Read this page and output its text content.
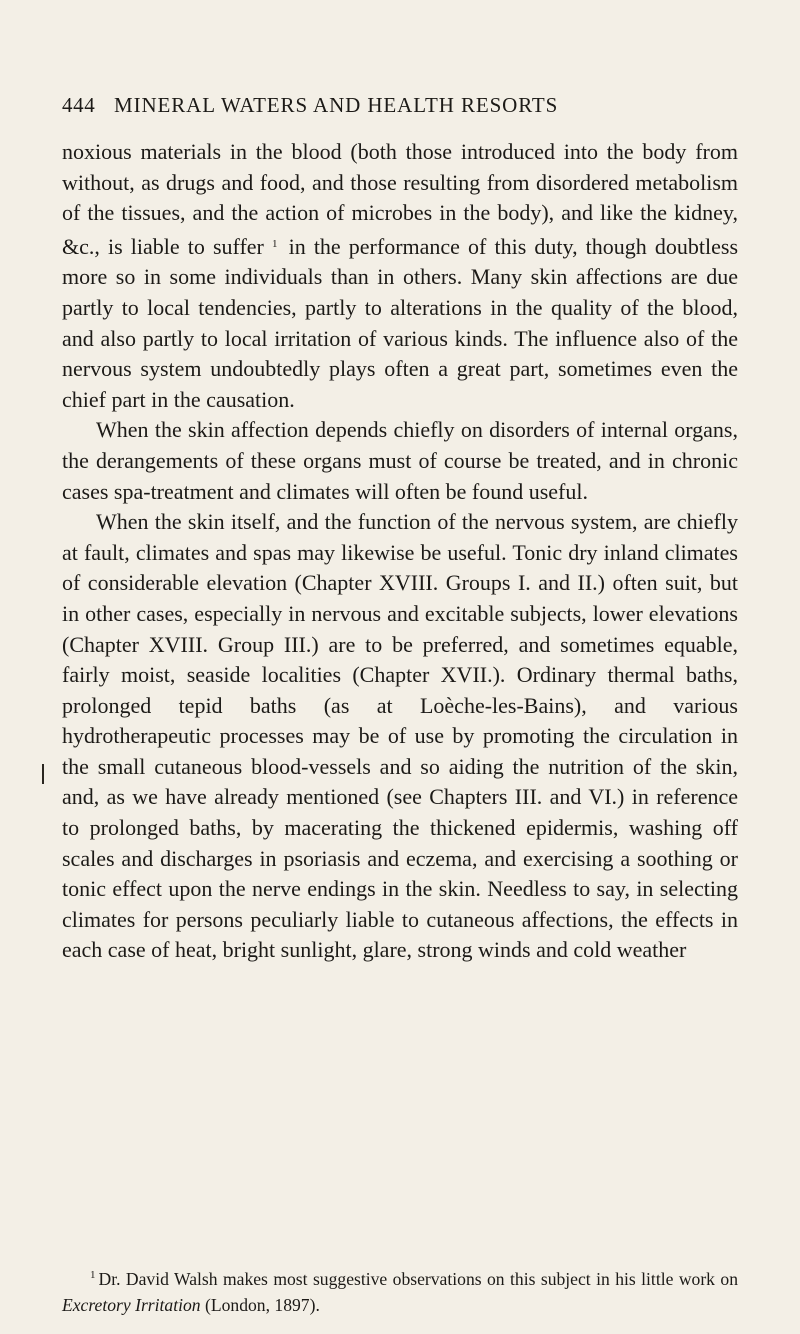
444 MINERAL WATERS AND HEALTH RESORTS

noxious materials in the blood (both those introduced into the body from without, as drugs and food, and those resulting from disordered metabolism of the tissues, and the action of microbes in the body), and like the kidney, &c., is liable to suffer $^1$ in the performance of this duty, though doubtless more so in some individuals than in others. Many skin affections are due partly to local tendencies, partly to alterations in the quality of the blood, and also partly to local irritation of various kinds. The influence also of the nervous system undoubtedly plays often a great part, sometimes even the chief part in the causation.

When the skin affection depends chiefly on disorders of internal organs, the derangements of these organs must of course be treated, and in chronic cases spa-treatment and climates will often be found useful.

When the skin itself, and the function of the nervous system, are chiefly at fault, climates and spas may likewise be useful. Tonic dry inland climates of considerable elevation (Chapter XVIII. Groups I. and II.) often suit, but in other cases, especially in nervous and excitable subjects, lower elevations (Chapter XVIII. Group III.) are to be preferred, and sometimes equable, fairly moist, seaside localities (Chapter XVII.). Ordinary thermal baths, prolonged tepid baths (as at Loèche-les-Bains), and various hydrotherapeutic processes may be of use by promoting the circulation in the small cutaneous blood-vessels and so aiding the nutrition of the skin, and, as we have already mentioned (see Chapters III. and VI.) in reference to prolonged baths, by macerating the thickened epidermis, washing off scales and discharges in psoriasis and eczema, and exercising a soothing or tonic effect upon the nerve endings in the skin. Needless to say, in selecting climates for persons peculiarly liable to cutaneous affections, the effects in each case of heat, bright sunlight, glare, strong winds and cold weather

$^1$ Dr. David Walsh makes most suggestive observations on this subject in his little work on Excretory Irritation (London, 1897).
